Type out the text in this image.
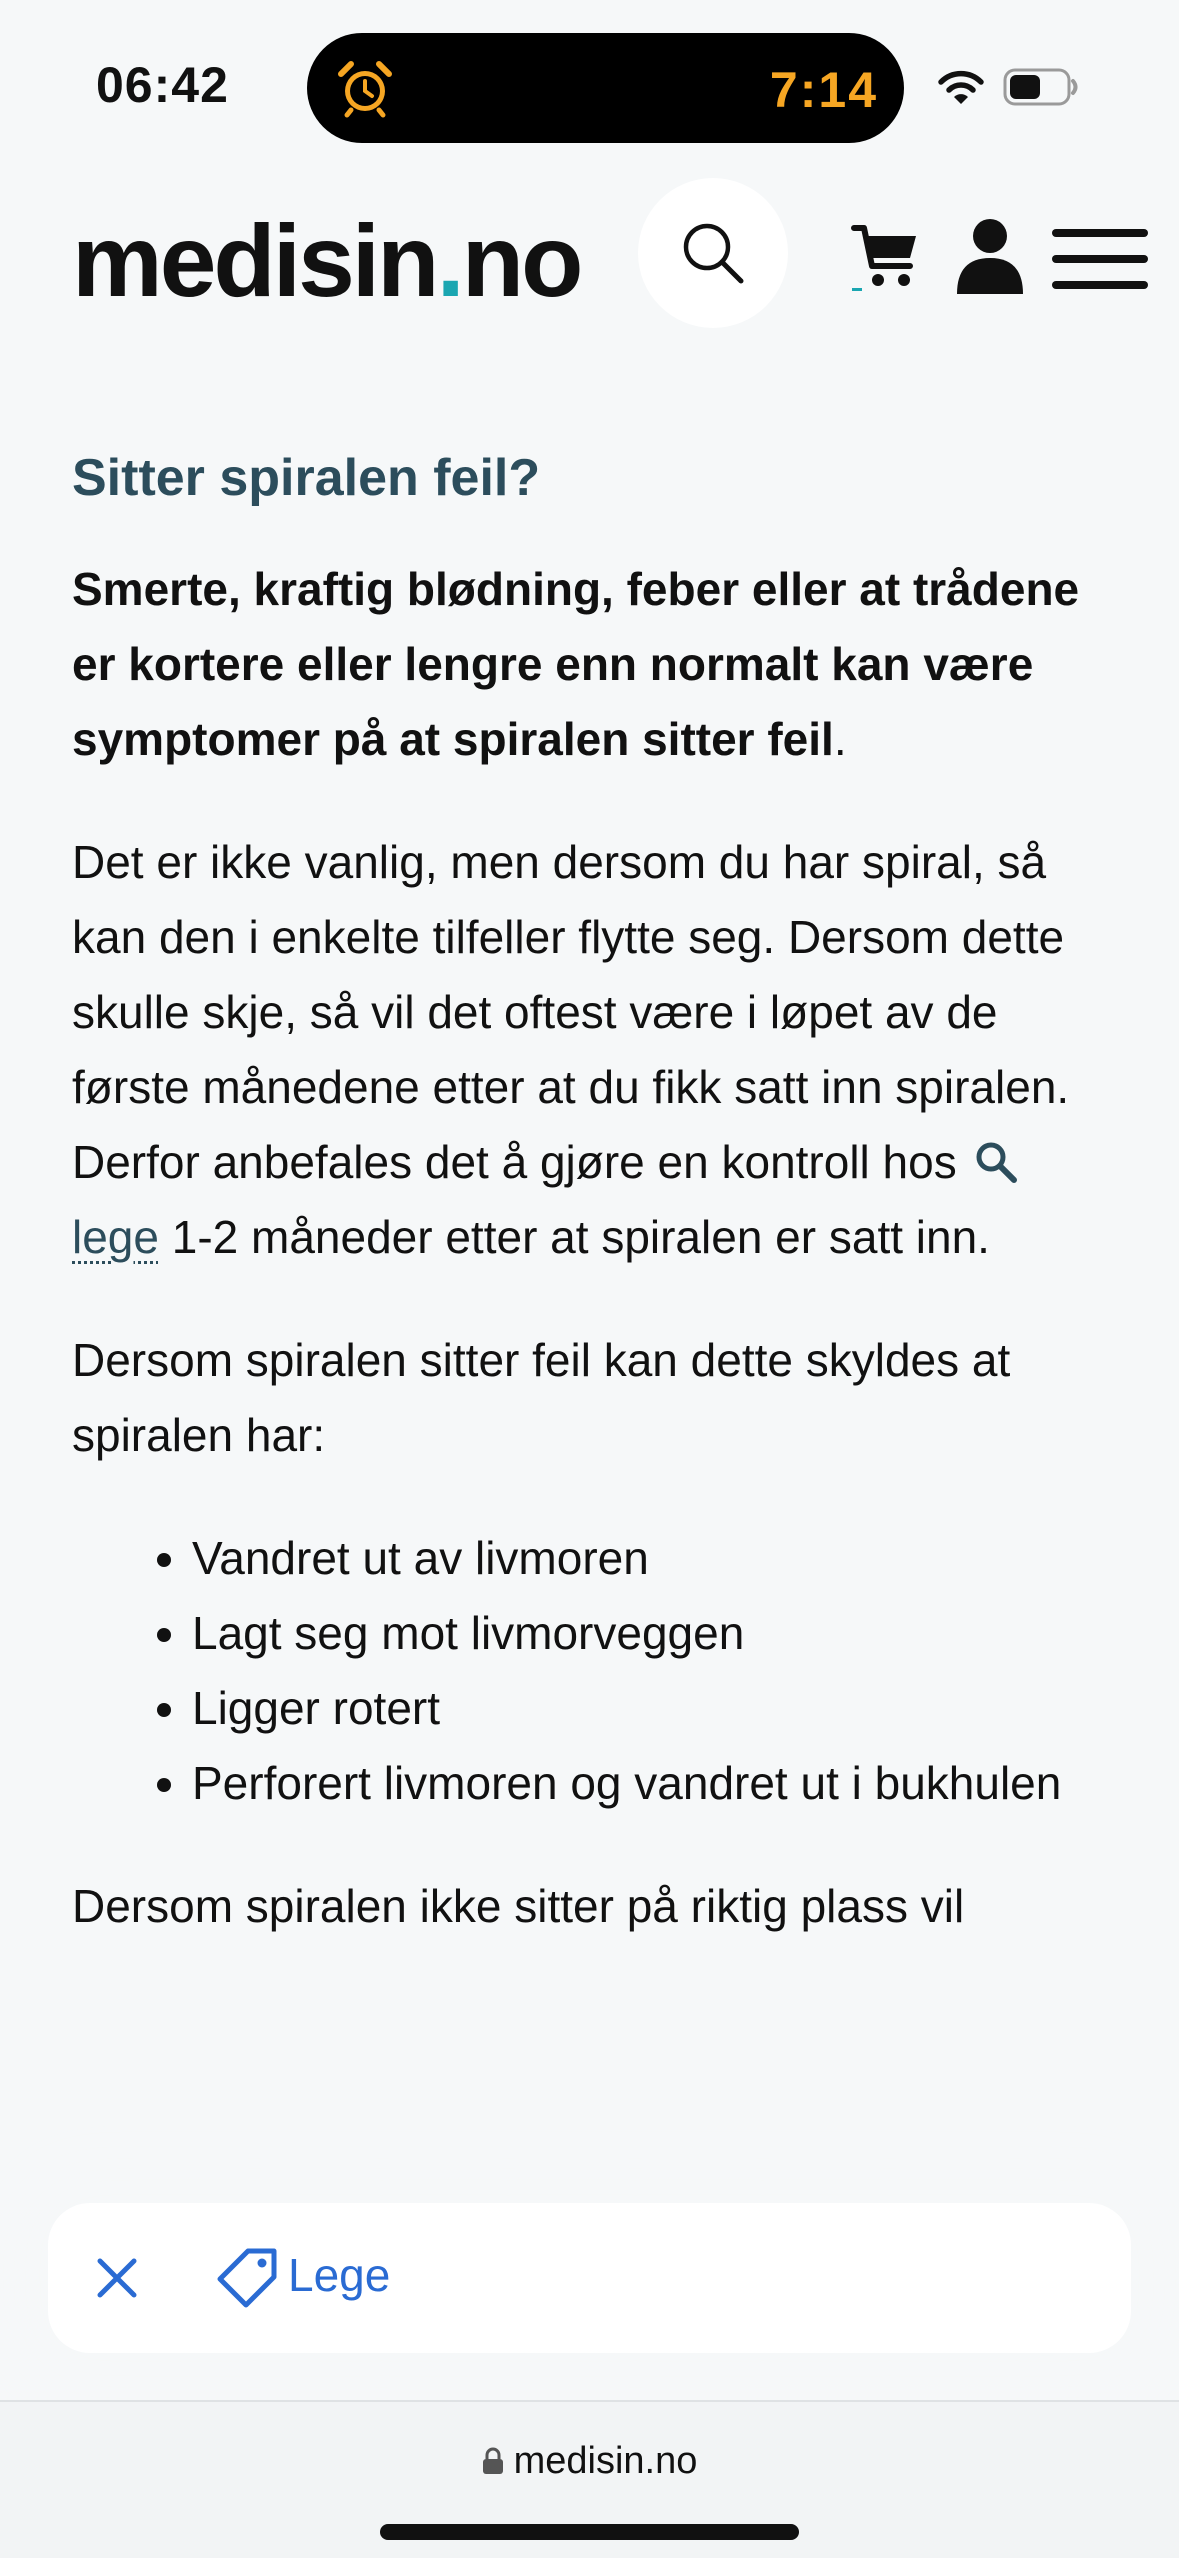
06:42	7:14
medisin.no
Sitter spiralen feil?

Smerte, kraftig blødning, feber eller at trådene er kortere eller lengre enn normalt kan være symptomer på at spiralen sitter feil.

Det er ikke vanlig, men dersom du har spiral, så kan den i enkelte tilfeller flytte seg. Dersom dette skulle skje, så vil det oftest være i løpet av de første månedene etter at du fikk satt inn spiralen. Derfor anbefales det å gjøre en kontroll hos lege 1-2 måneder etter at spiralen er satt inn.

Dersom spiralen sitter feil kan dette skyldes at spiralen har:

• Vandret ut av livmoren
• Lagt seg mot livmorveggen
• Ligger rotert
• Perforert livmoren og vandret ut i bukhulen

Dersom spiralen ikke sitter på riktig plass vil

Lege
medisin.no
